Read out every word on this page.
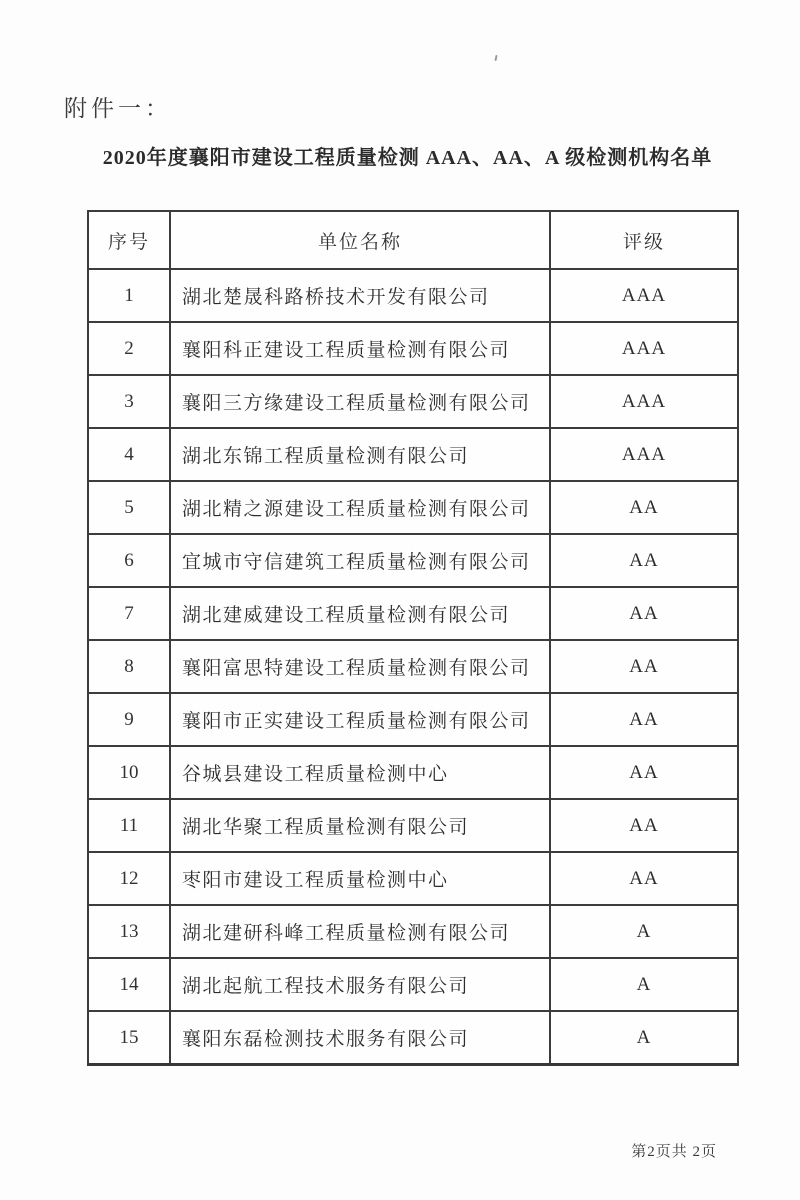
附件一：
2020年度襄阳市建设工程质量检测 AAA、AA、A 级检测机构名单
序号	单位名称	评级
1	湖北楚晟科路桥技术开发有限公司	AAA
2	襄阳科正建设工程质量检测有限公司	AAA
3	襄阳三方缘建设工程质量检测有限公司	AAA
4	湖北东锦工程质量检测有限公司	AAA
5	湖北精之源建设工程质量检测有限公司	AA
6	宜城市守信建筑工程质量检测有限公司	AA
7	湖北建威建设工程质量检测有限公司	AA
8	襄阳富思特建设工程质量检测有限公司	AA
9	襄阳市正实建设工程质量检测有限公司	AA
10	谷城县建设工程质量检测中心	AA
11	湖北华聚工程质量检测有限公司	AA
12	枣阳市建设工程质量检测中心	AA
13	湖北建研科峰工程质量检测有限公司	A
14	湖北起航工程技术服务有限公司	A
15	襄阳东磊检测技术服务有限公司	A
第2页共 2页
